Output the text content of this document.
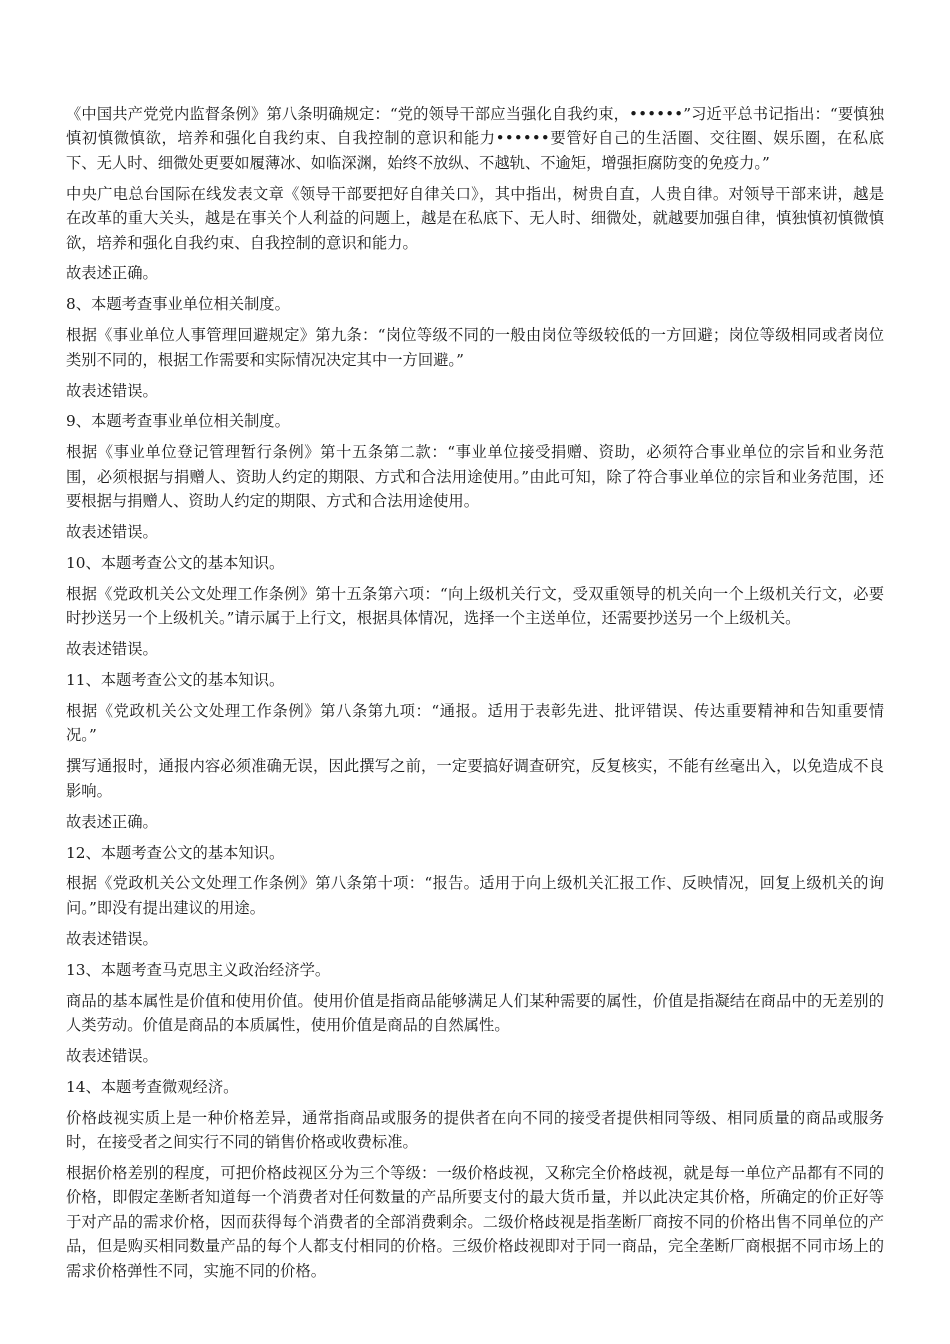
《中国共产党党内监督条例》第八条明确规定：“党的领导干部应当强化自我约束，••••••”习近平总书记指出：“要慎独慎初慎微慎欲，培养和强化自我约束、自我控制的意识和能力••••••要管好自己的生活圈、交往圈、娱乐圈，在私底下、无人时、细微处更要如履薄冰、如临深渊，始终不放纵、不越轨、不逾矩，增强拒腐防变的免疫力。”

中央广电总台国际在线发表文章《领导干部要把好自律关口》，其中指出，树贵自直，人贵自律。对领导干部来讲，越是在改革的重大关头，越是在事关个人利益的问题上，越是在私底下、无人时、细微处，就越要加强自律，慎独慎初慎微慎欲，培养和强化自我约束、自我控制的意识和能力。

故表述正确。

8、本题考查事业单位相关制度。

根据《事业单位人事管理回避规定》第九条：“岗位等级不同的一般由岗位等级较低的一方回避；岗位等级相同或者岗位类别不同的，根据工作需要和实际情况决定其中一方回避。”

故表述错误。

9、本题考查事业单位相关制度。

根据《事业单位登记管理暂行条例》第十五条第二款：“事业单位接受捐赠、资助，必须符合事业单位的宗旨和业务范围，必须根据与捐赠人、资助人约定的期限、方式和合法用途使用。”由此可知，除了符合事业单位的宗旨和业务范围，还要根据与捐赠人、资助人约定的期限、方式和合法用途使用。

故表述错误。

10、本题考查公文的基本知识。

根据《党政机关公文处理工作条例》第十五条第六项：“向上级机关行文，受双重领导的机关向一个上级机关行文，必要时抄送另一个上级机关。”请示属于上行文，根据具体情况，选择一个主送单位，还需要抄送另一个上级机关。

故表述错误。

11、本题考查公文的基本知识。

根据《党政机关公文处理工作条例》第八条第九项：“通报。适用于表彰先进、批评错误、传达重要精神和告知重要情况。”

撰写通报时，通报内容必须准确无误，因此撰写之前，一定要搞好调查研究，反复核实，不能有丝毫出入，以免造成不良影响。

故表述正确。

12、本题考查公文的基本知识。

根据《党政机关公文处理工作条例》第八条第十项：“报告。适用于向上级机关汇报工作、反映情况，回复上级机关的询问。”即没有提出建议的用途。

故表述错误。

13、本题考查马克思主义政治经济学。

商品的基本属性是价值和使用价值。使用价值是指商品能够满足人们某种需要的属性，价值是指凝结在商品中的无差别的人类劳动。价值是商品的本质属性，使用价值是商品的自然属性。

故表述错误。

14、本题考查微观经济。

价格歧视实质上是一种价格差异，通常指商品或服务的提供者在向不同的接受者提供相同等级、相同质量的商品或服务时，在接受者之间实行不同的销售价格或收费标准。

根据价格差别的程度，可把价格歧视区分为三个等级：一级价格歧视，又称完全价格歧视，就是每一单位产品都有不同的价格，即假定垄断者知道每一个消费者对任何数量的产品所要支付的最大货币量，并以此决定其价格，所确定的价正好等于对产品的需求价格，因而获得每个消费者的全部消费剩余。二级价格歧视是指垄断厂商按不同的价格出售不同单位的产品，但是购买相同数量产品的每个人都支付相同的价格。三级价格歧视即对于同一商品，完全垄断厂商根据不同市场上的需求价格弹性不同，实施不同的价格。
